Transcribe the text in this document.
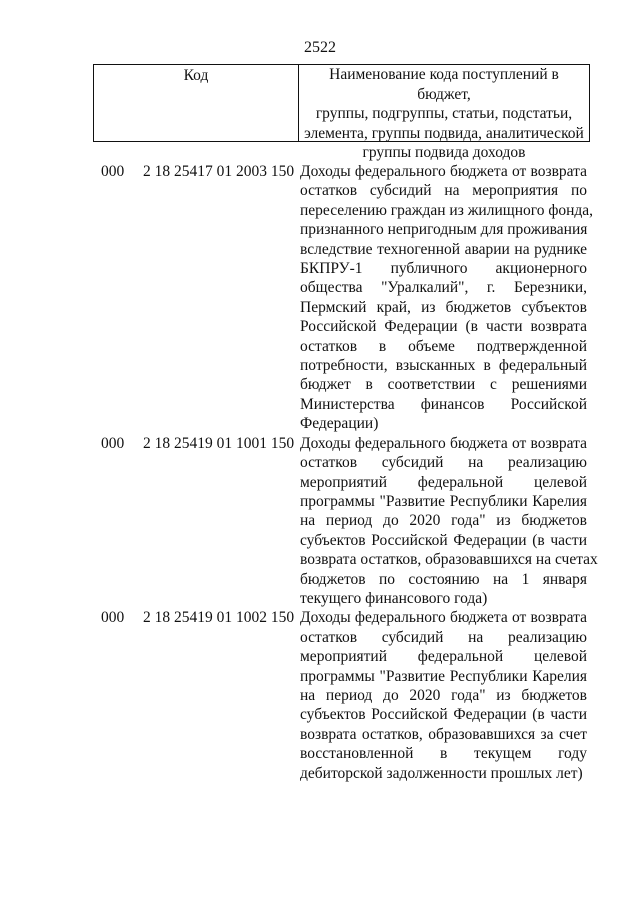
2522
Код	Наименование кода поступлений в бюджет,
группы, подгруппы, статьи, подстатьи,
элемента, группы подвида, аналитической
группы подвида доходов
000 2 18 25417 01 2003 150 Доходы федерального бюджета от возврата
остатков субсидий на мероприятия по
переселению граждан из жилищного фонда,
признанного непригодным для проживания
вследствие техногенной аварии на руднике
БКПРУ-1 публичного акционерного
общества "Уралкалий", г. Березники,
Пермский край, из бюджетов субъектов
Российской Федерации (в части возврата
остатков в объеме подтвержденной
потребности, взысканных в федеральный
бюджет в соответствии с решениями
Министерства финансов Российской
Федерации)
000 2 18 25419 01 1001 150 Доходы федерального бюджета от возврата
остатков субсидий на реализацию
мероприятий федеральной целевой
программы "Развитие Республики Карелия
на период до 2020 года" из бюджетов
субъектов Российской Федерации (в части
возврата остатков, образовавшихся на счетах
бюджетов по состоянию на 1 января
текущего финансового года)
000 2 18 25419 01 1002 150 Доходы федерального бюджета от возврата
остатков субсидий на реализацию
мероприятий федеральной целевой
программы "Развитие Республики Карелия
на период до 2020 года" из бюджетов
субъектов Российской Федерации (в части
возврата остатков, образовавшихся за счет
восстановленной в текущем году
дебиторской задолженности прошлых лет)
